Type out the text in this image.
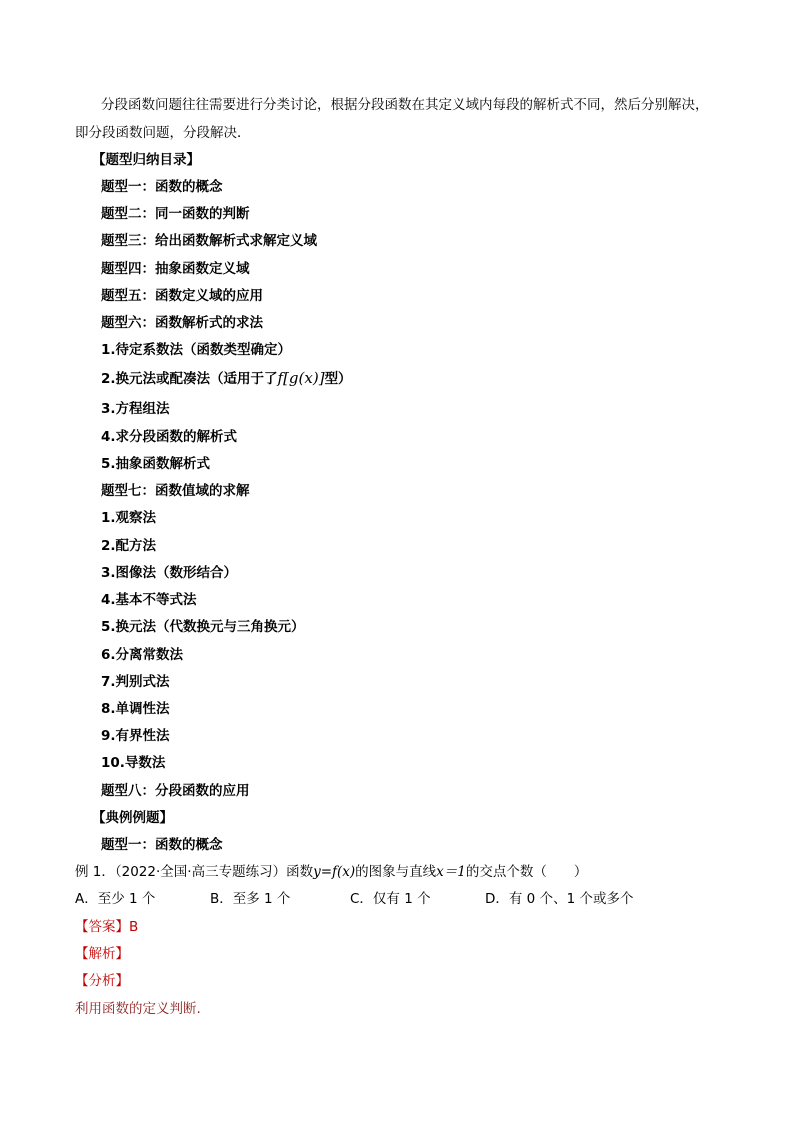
分段函数问题往往需要进行分类讨论，根据分段函数在其定义域内每段的解析式不同，然后分别解决，
即分段函数问题，分段解决．
【题型归纳目录】
题型一：函数的概念
题型二：同一函数的判断
题型三：给出函数解析式求解定义域
题型四：抽象函数定义域
题型五：函数定义域的应用
题型六：函数解析式的求法
1.待定系数法（函数类型确定）
2.换元法或配凑法（适用于了f[g(x)]型）
3.方程组法
4.求分段函数的解析式
5.抽象函数解析式
题型七：函数值域的求解
1.观察法
2.配方法
3.图像法（数形结合）
4.基本不等式法
5.换元法（代数换元与三角换元）
6.分离常数法
7.判别式法
8.单调性法
9.有界性法
10.导数法
题型八：分段函数的应用
【典例例题】
题型一：函数的概念
例 1．（2022·全国·高三专题练习）函数y=f(x)的图象与直线x＝1的交点个数（　　）
A．至少 1 个	B．至多 1 个	C．仅有 1 个	D．有 0 个、1 个或多个
【答案】B
【解析】
【分析】
利用函数的定义判断.
